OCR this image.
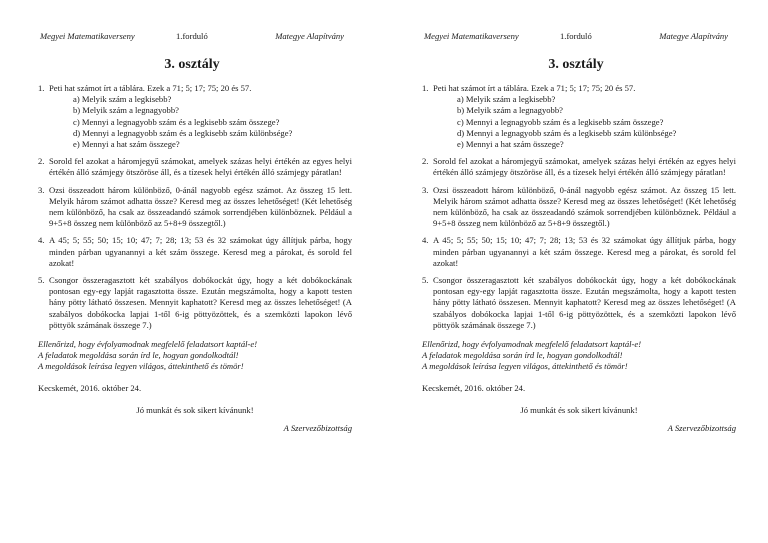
Megyei Matematikaverseny	1.forduló	Mategye Alapítvány
3. osztály
1. Peti hat számot írt a táblára. Ezek a 71; 5; 17; 75; 20 és 57.
a) Melyik szám a legkisebb?
b) Melyik szám a legnagyobb?
c) Mennyi a legnagyobb szám és a legkisebb szám összege?
d) Mennyi a legnagyobb szám és a legkisebb szám különbsége?
e) Mennyi a hat szám összege?
2. Sorold fel azokat a háromjegyű számokat, amelyek százas helyi értékén az egyes helyi értékén álló számjegy ötszöröse áll, és a tízesek helyi értékén álló számjegy páratlan!
3. Ozsi összeadott három különböző, 0-ánál nagyobb egész számot. Az összeg 15 lett. Melyik három számot adhatta össze? Keresd meg az összes lehetőséget! (Két lehetőség nem különböző, ha csak az összeadandó számok sorrendjében különböznek. Például a 9+5+8 összeg nem különböző az 5+8+9 összegtől.)
4. A 45; 5; 55; 50; 15; 10; 47; 7; 28; 13; 53 és 32 számokat úgy állítjuk párba, hogy minden párban ugyanannyi a két szám összege. Keresd meg a párokat, és sorold fel azokat!
5. Csongor összeragasztott két szabályos dobókockát úgy, hogy a két dobókockának pontosan egy-egy lapját ragasztotta össze. Ezután megszámolta, hogy a kapott testen hány pötty látható összesen. Mennyit kaphatott? Keresd meg az összes lehetőséget! (A szabályos dobókocka lapjai 1-től 6-ig pöttyözöttek, és a szemközti lapokon lévő pöttyök számának összege 7.)
Ellenőrizd, hogy évfolyamodnak megfelelő feladatsort kaptál-e!
A feladatok megoldása során írd le, hogyan gondolkodtál!
A megoldások leírása legyen világos, áttekinthető és tömör!
Kecskemét, 2016. október 24.
Jó munkát és sok sikert kívánunk!
A Szervezőbizottság
Megyei Matematikaverseny	1.forduló	Mategye Alapítvány
3. osztály
1. Peti hat számot írt a táblára. Ezek a 71; 5; 17; 75; 20 és 57.
a) Melyik szám a legkisebb?
b) Melyik szám a legnagyobb?
c) Mennyi a legnagyobb szám és a legkisebb szám összege?
d) Mennyi a legnagyobb szám és a legkisebb szám különbsége?
e) Mennyi a hat szám összege?
2. Sorold fel azokat a háromjegyű számokat, amelyek százas helyi értékén az egyes helyi értékén álló számjegy ötszöröse áll, és a tízesek helyi értékén álló számjegy páratlan!
3. Ozsi összeadott három különböző, 0-ánál nagyobb egész számot. Az összeg 15 lett. Melyik három számot adhatta össze? Keresd meg az összes lehetőséget! (Két lehetőség nem különböző, ha csak az összeadandó számok sorrendjében különböznek. Például a 9+5+8 összeg nem különböző az 5+8+9 összegtől.)
4. A 45; 5; 55; 50; 15; 10; 47; 7; 28; 13; 53 és 32 számokat úgy állítjuk párba, hogy minden párban ugyanannyi a két szám összege. Keresd meg a párokat, és sorold fel azokat!
5. Csongor összeragasztott két szabályos dobókockát úgy, hogy a két dobókockának pontosan egy-egy lapját ragasztotta össze. Ezután megszámolta, hogy a kapott testen hány pötty látható összesen. Mennyit kaphatott? Keresd meg az összes lehetőséget! (A szabályos dobókocka lapjai 1-től 6-ig pöttyözöttek, és a szemközti lapokon lévő pöttyök számának összege 7.)
Ellenőrizd, hogy évfolyamodnak megfelelő feladatsort kaptál-e!
A feladatok megoldása során írd le, hogyan gondolkodtál!
A megoldások leírása legyen világos, áttekinthető és tömör!
Kecskemét, 2016. október 24.
Jó munkát és sok sikert kívánunk!
A Szervezőbizottság
